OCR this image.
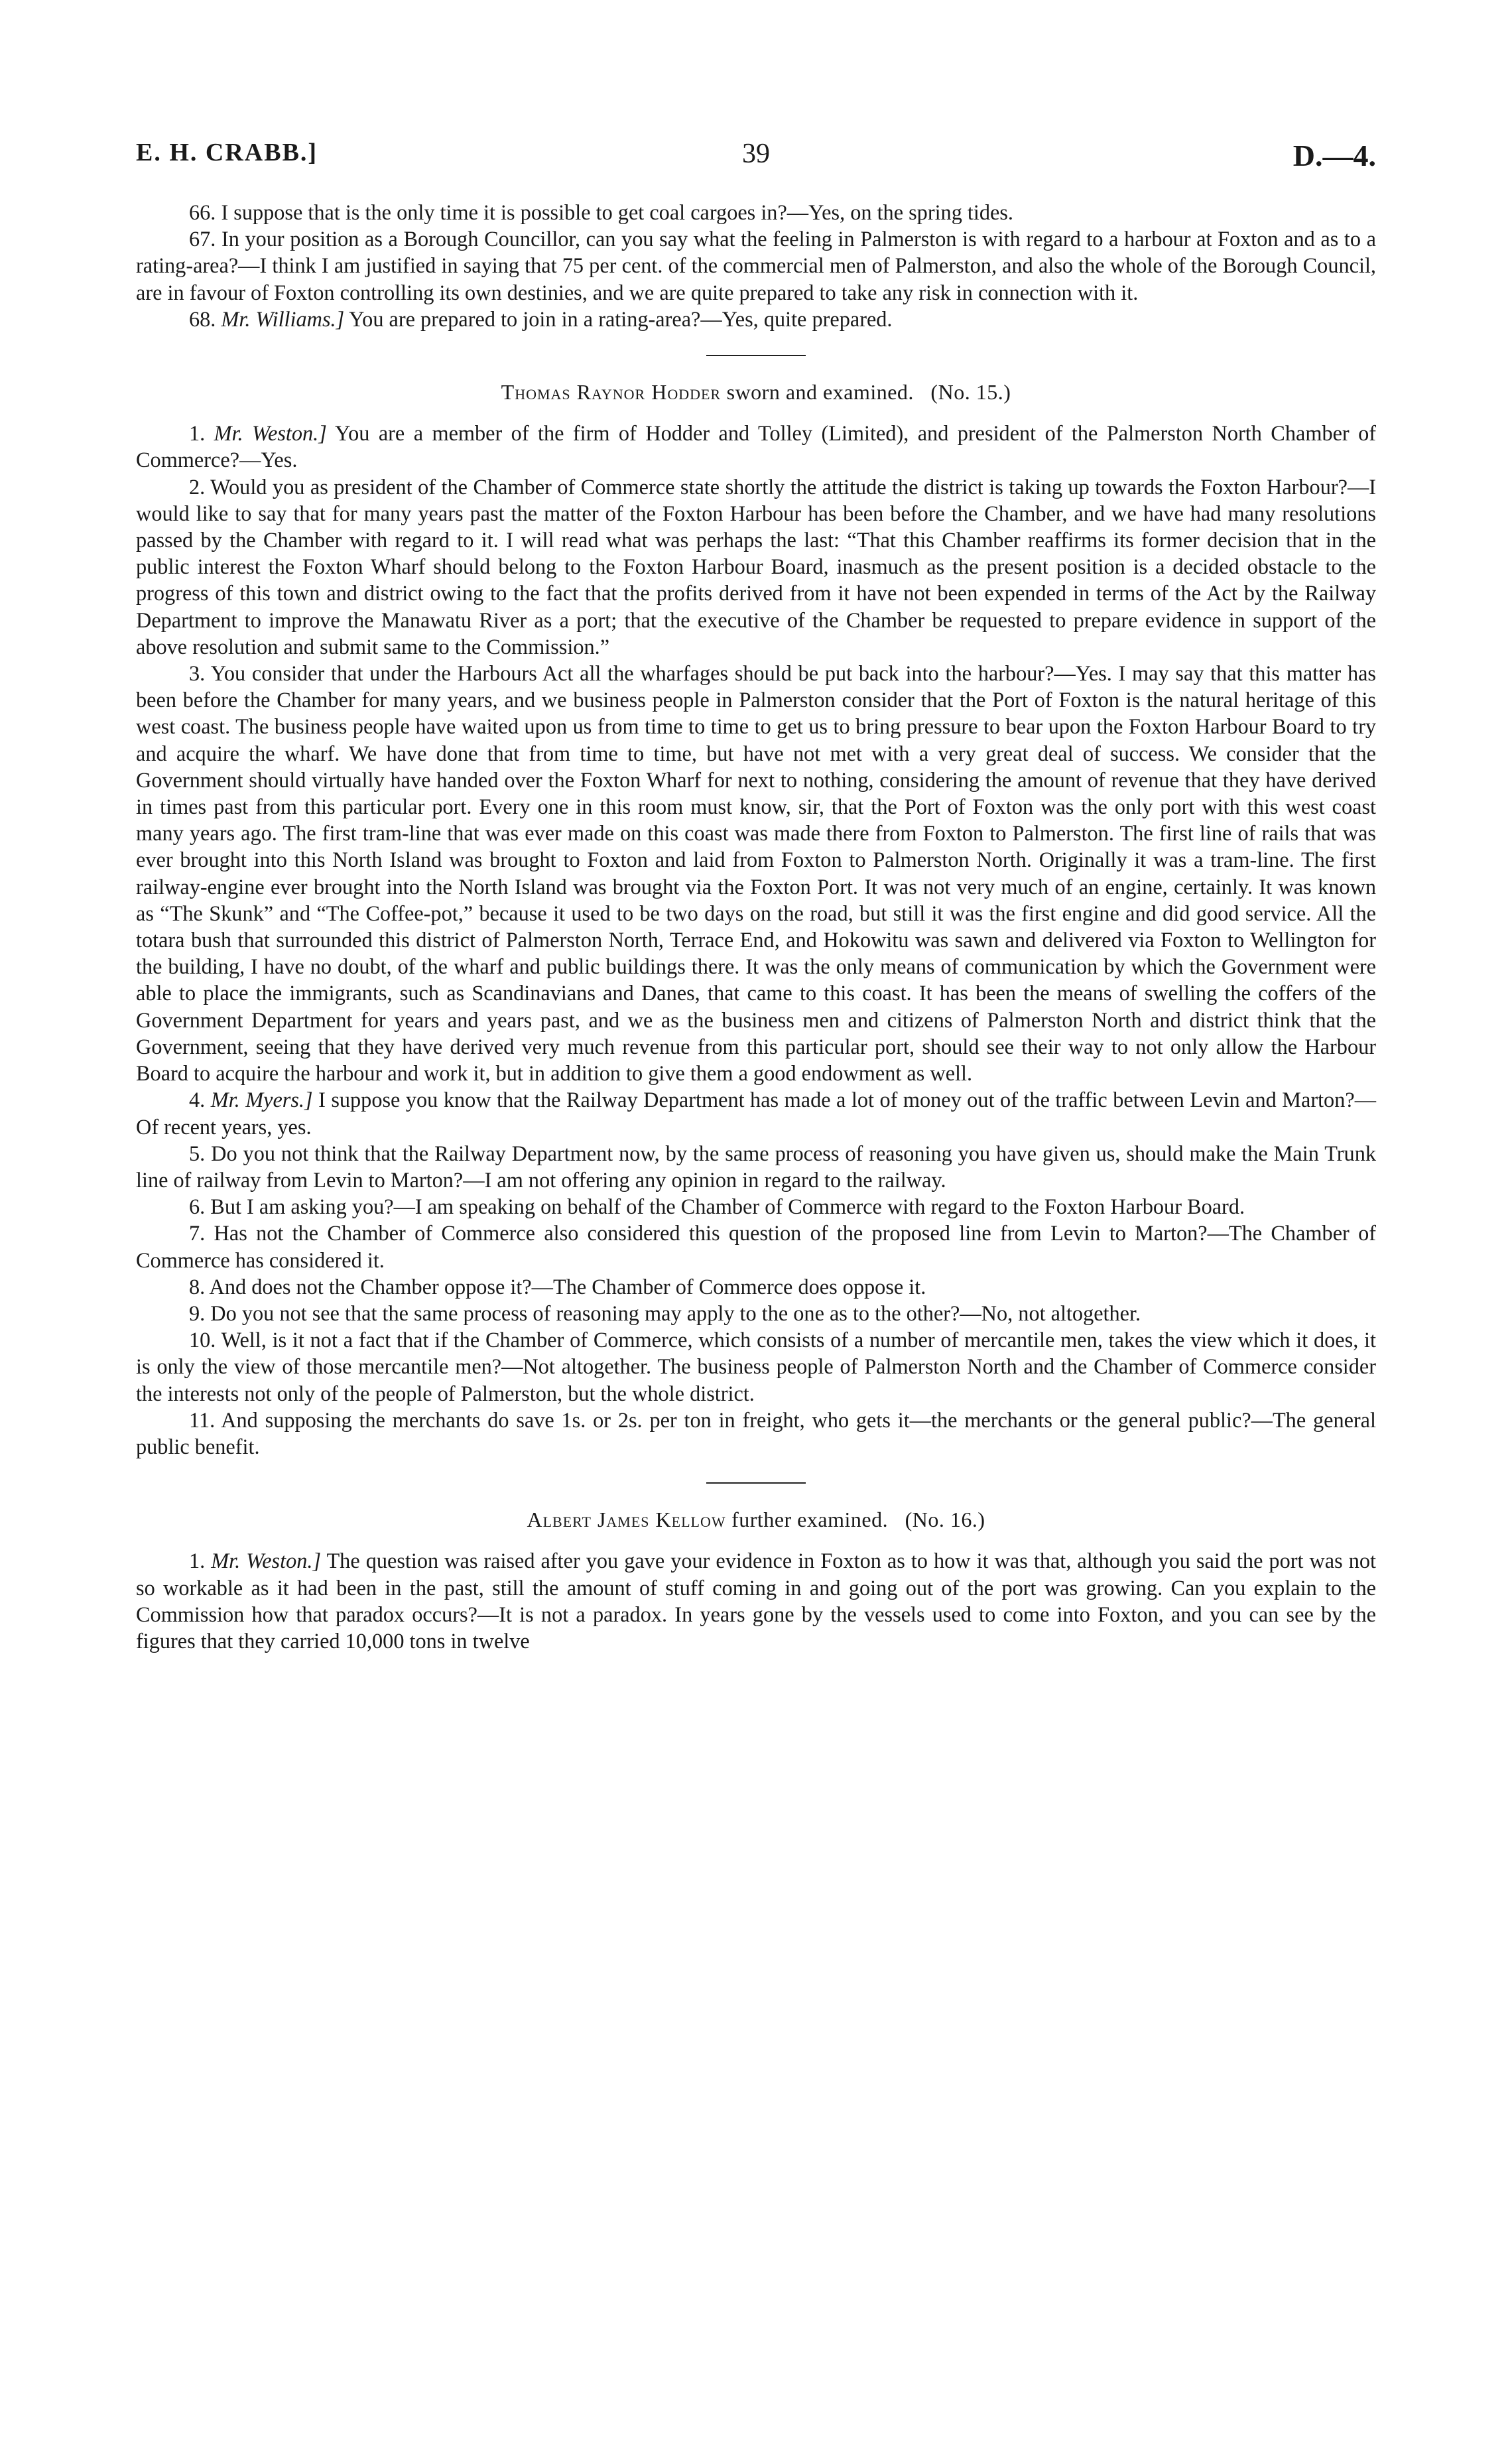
E. H. CRABB.]	39	D.—4.

66. I suppose that is the only time it is possible to get coal cargoes in?—Yes, on the spring tides.

67. In your position as a Borough Councillor, can you say what the feeling in Palmerston is with regard to a harbour at Foxton and as to a rating-area?—I think I am justified in saying that 75 per cent. of the commercial men of Palmerston, and also the whole of the Borough Council, are in favour of Foxton controlling its own destinies, and we are quite prepared to take any risk in connection with it.

68. Mr. Williams.] You are prepared to join in a rating-area?—Yes, quite prepared.

Thomas Raynor Hodder sworn and examined. (No. 15.)

1. Mr. Weston.] You are a member of the firm of Hodder and Tolley (Limited), and president of the Palmerston North Chamber of Commerce?—Yes.

2. Would you as president of the Chamber of Commerce state shortly the attitude the district is taking up towards the Foxton Harbour?—I would like to say that for many years past the matter of the Foxton Harbour has been before the Chamber, and we have had many resolutions passed by the Chamber with regard to it. I will read what was perhaps the last: “That this Chamber reaffirms its former decision that in the public interest the Foxton Wharf should belong to the Foxton Harbour Board, inasmuch as the present position is a decided obstacle to the progress of this town and district owing to the fact that the profits derived from it have not been expended in terms of the Act by the Railway Department to improve the Manawatu River as a port; that the executive of the Chamber be requested to prepare evidence in support of the above resolution and submit same to the Commission.”

3. You consider that under the Harbours Act all the wharfages should be put back into the harbour?—Yes. I may say that this matter has been before the Chamber for many years, and we business people in Palmerston consider that the Port of Foxton is the natural heritage of this west coast. The business people have waited upon us from time to time to get us to bring pressure to bear upon the Foxton Harbour Board to try and acquire the wharf. We have done that from time to time, but have not met with a very great deal of success. We consider that the Government should virtually have handed over the Foxton Wharf for next to nothing, considering the amount of revenue that they have derived in times past from this particular port. Every one in this room must know, sir, that the Port of Foxton was the only port with this west coast many years ago. The first tram-line that was ever made on this coast was made there from Foxton to Palmerston. The first line of rails that was ever brought into this North Island was brought to Foxton and laid from Foxton to Palmerston North. Originally it was a tram-line. The first railway-engine ever brought into the North Island was brought via the Foxton Port. It was not very much of an engine, certainly. It was known as “The Skunk” and “The Coffee-pot,” because it used to be two days on the road, but still it was the first engine and did good service. All the totara bush that surrounded this district of Palmerston North, Terrace End, and Hokowitu was sawn and delivered via Foxton to Wellington for the building, I have no doubt, of the wharf and public buildings there. It was the only means of communication by which the Government were able to place the immigrants, such as Scandinavians and Danes, that came to this coast. It has been the means of swelling the coffers of the Government Department for years and years past, and we as the business men and citizens of Palmerston North and district think that the Government, seeing that they have derived very much revenue from this particular port, should see their way to not only allow the Harbour Board to acquire the harbour and work it, but in addition to give them a good endowment as well.

4. Mr. Myers.] I suppose you know that the Railway Department has made a lot of money out of the traffic between Levin and Marton?—Of recent years, yes.

5. Do you not think that the Railway Department now, by the same process of reasoning you have given us, should make the Main Trunk line of railway from Levin to Marton?—I am not offering any opinion in regard to the railway.

6. But I am asking you?—I am speaking on behalf of the Chamber of Commerce with regard to the Foxton Harbour Board.

7. Has not the Chamber of Commerce also considered this question of the proposed line from Levin to Marton?—The Chamber of Commerce has considered it.

8. And does not the Chamber oppose it?—The Chamber of Commerce does oppose it.

9. Do you not see that the same process of reasoning may apply to the one as to the other?—No, not altogether.

10. Well, is it not a fact that if the Chamber of Commerce, which consists of a number of mercantile men, takes the view which it does, it is only the view of those mercantile men?—Not altogether. The business people of Palmerston North and the Chamber of Commerce consider the interests not only of the people of Palmerston, but the whole district.

11. And supposing the merchants do save 1s. or 2s. per ton in freight, who gets it—the merchants or the general public?—The general public benefit.

Albert James Kellow further examined. (No. 16.)

1. Mr. Weston.] The question was raised after you gave your evidence in Foxton as to how it was that, although you said the port was not so workable as it had been in the past, still the amount of stuff coming in and going out of the port was growing. Can you explain to the Commission how that paradox occurs?—It is not a paradox. In years gone by the vessels used to come into Foxton, and you can see by the figures that they carried 10,000 tons in twelve
